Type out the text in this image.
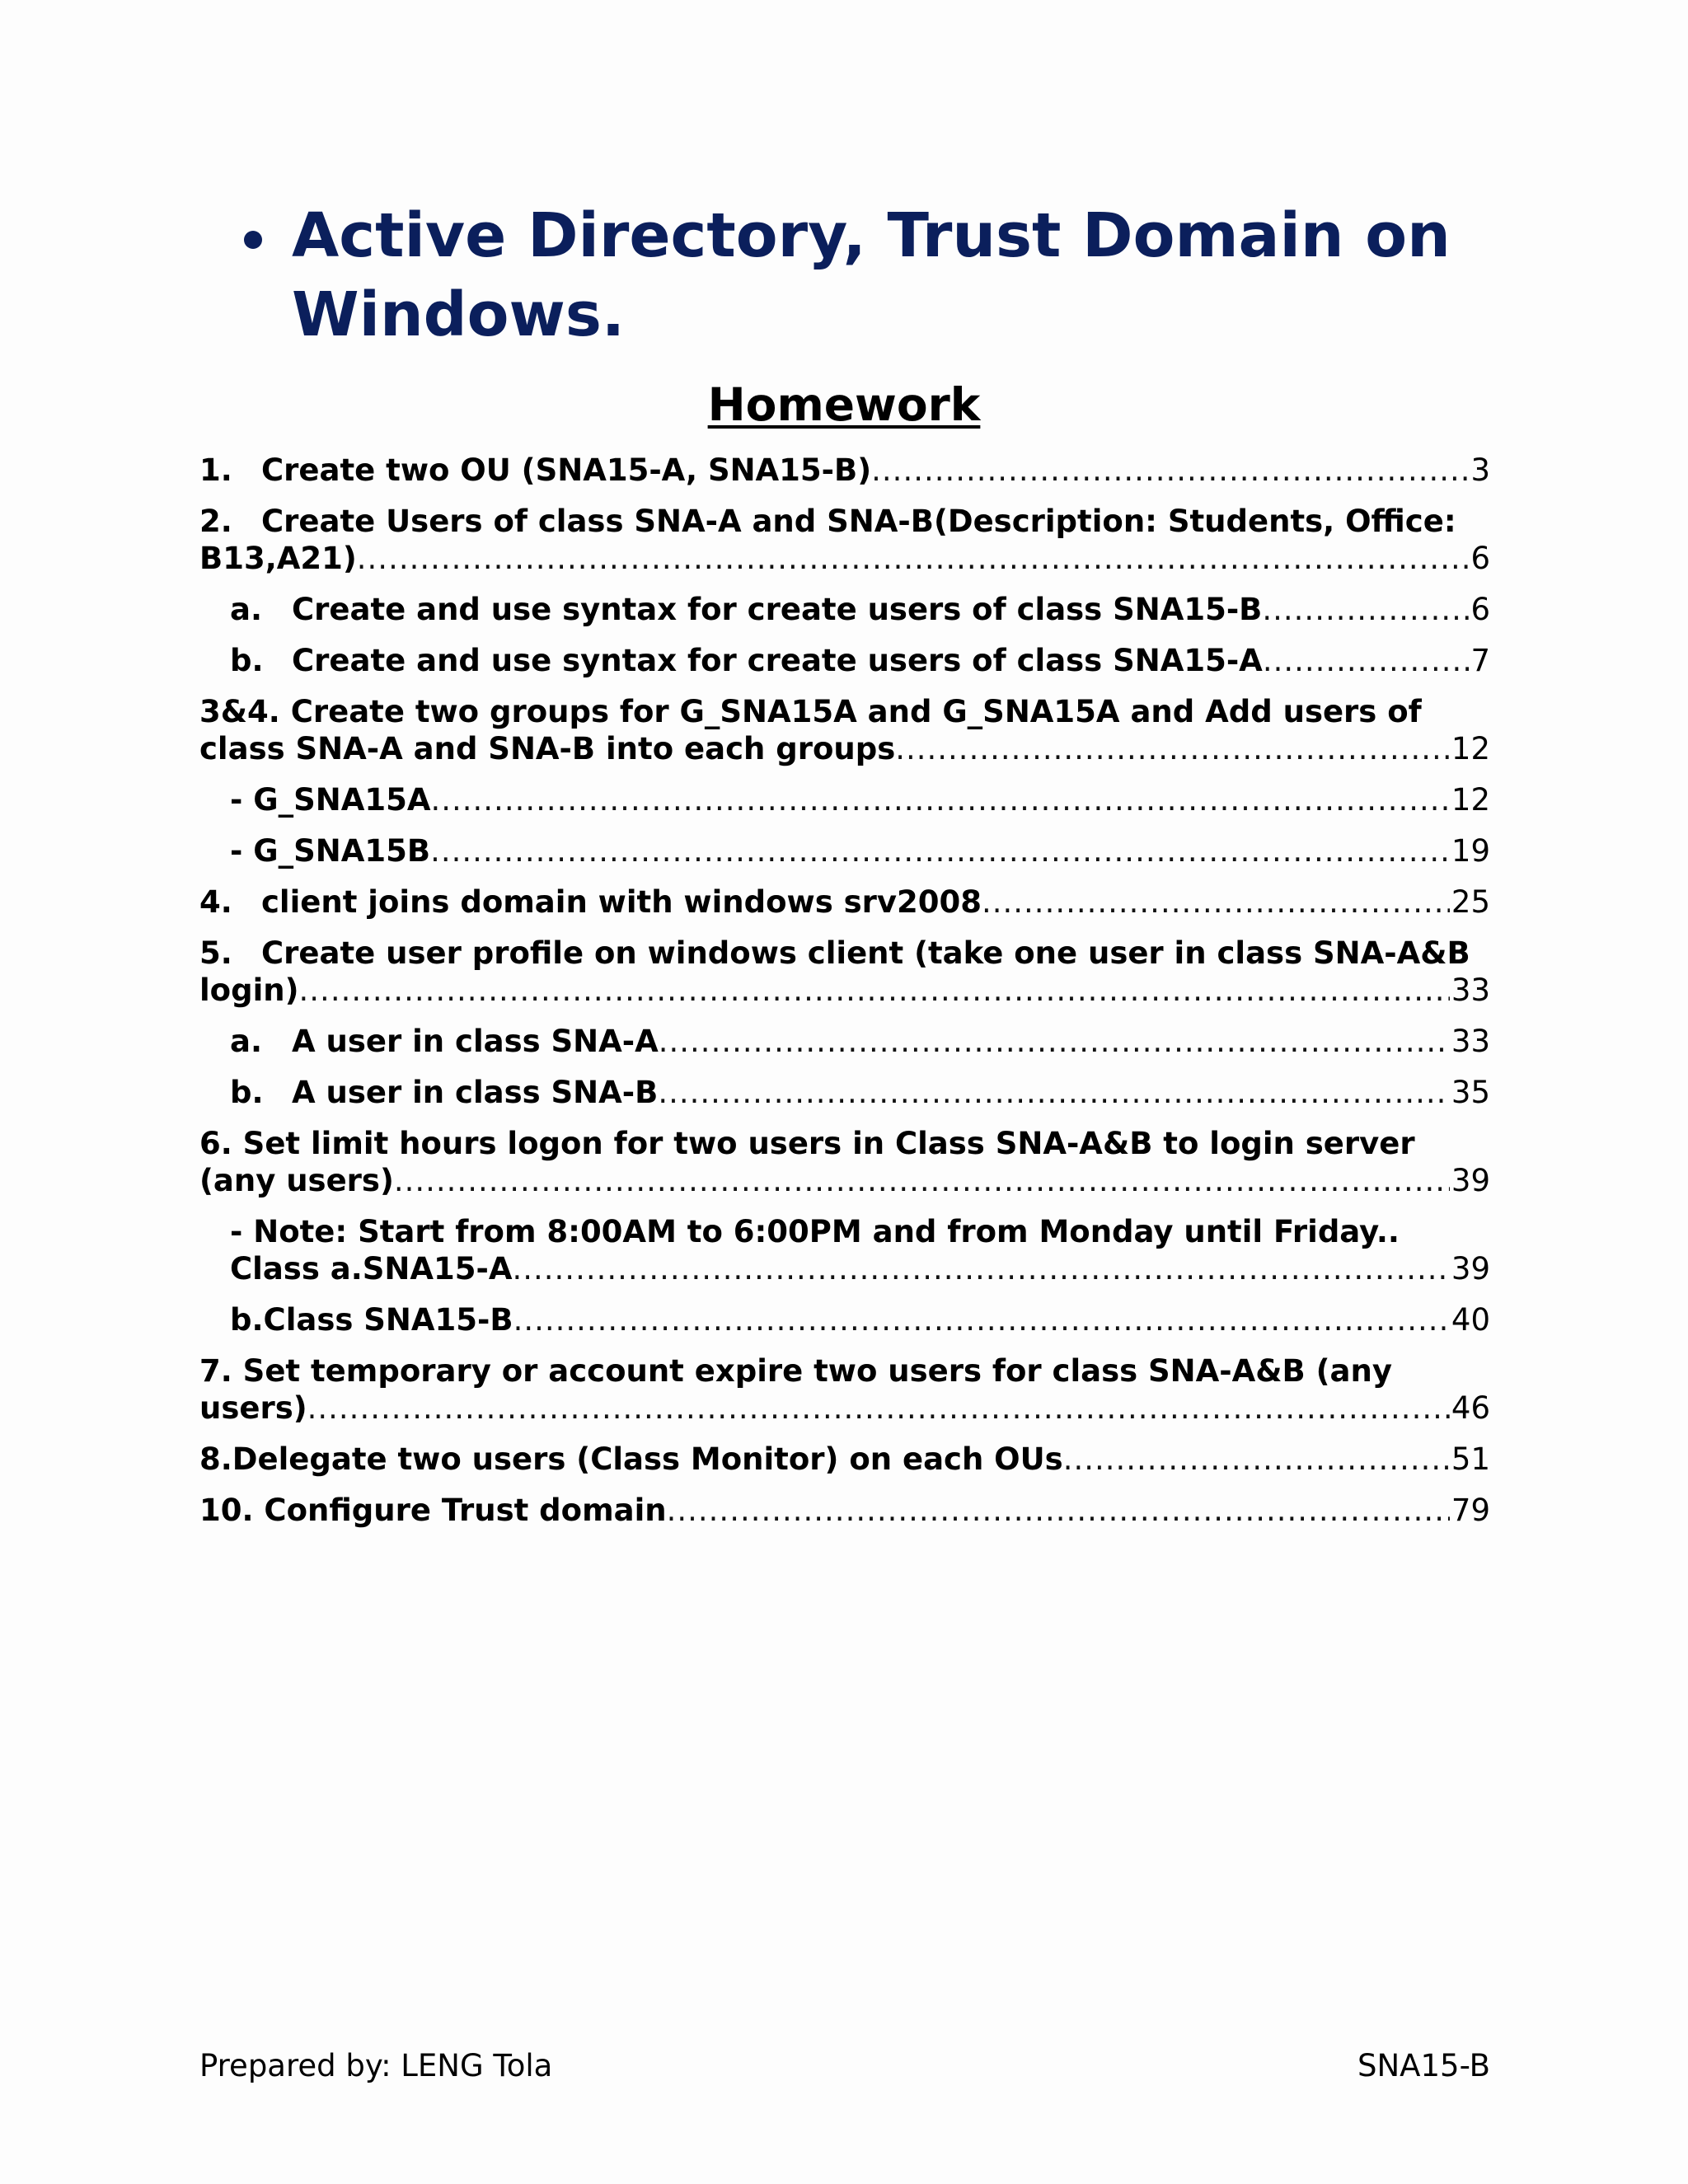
Active Directory, Trust Domain on Windows.
Homework
1. Create two OU (SNA15-A, SNA15-B) .....	3
2. Create Users of class SNA-A and SNA-B(Description: Students, Office:
B13,A21) .....	6
a. Create and use syntax for create users of class SNA15-B .....	6
b. Create and use syntax for create users of class SNA15-A .....	7
3&4. Create two groups for G_SNA15A and G_SNA15A and Add users of
class SNA-A and SNA-B into each groups .....	12
- G_SNA15A .....	12
- G_SNA15B .....	19
4. client joins domain with windows srv2008 .....	25
5. Create user profile on windows client (take one user in class SNA-A&B
login) .....	33
a. A user in class SNA-A .....	33
b. A user in class SNA-B .....	35
6. Set limit hours logon for two users in Class SNA-A&B to login server
(any users) .....	39
- Note: Start from 8:00AM to 6:00PM and from Monday until Friday..
Class a.SNA15-A .....	39
b.Class SNA15-B .....	40
7. Set temporary or account expire two users for class SNA-A&B (any
users) .....	46
8.Delegate two users (Class Monitor) on each OUs .....	51
10. Configure Trust domain .....	79
Prepared by: LENG Tola	SNA15-B
